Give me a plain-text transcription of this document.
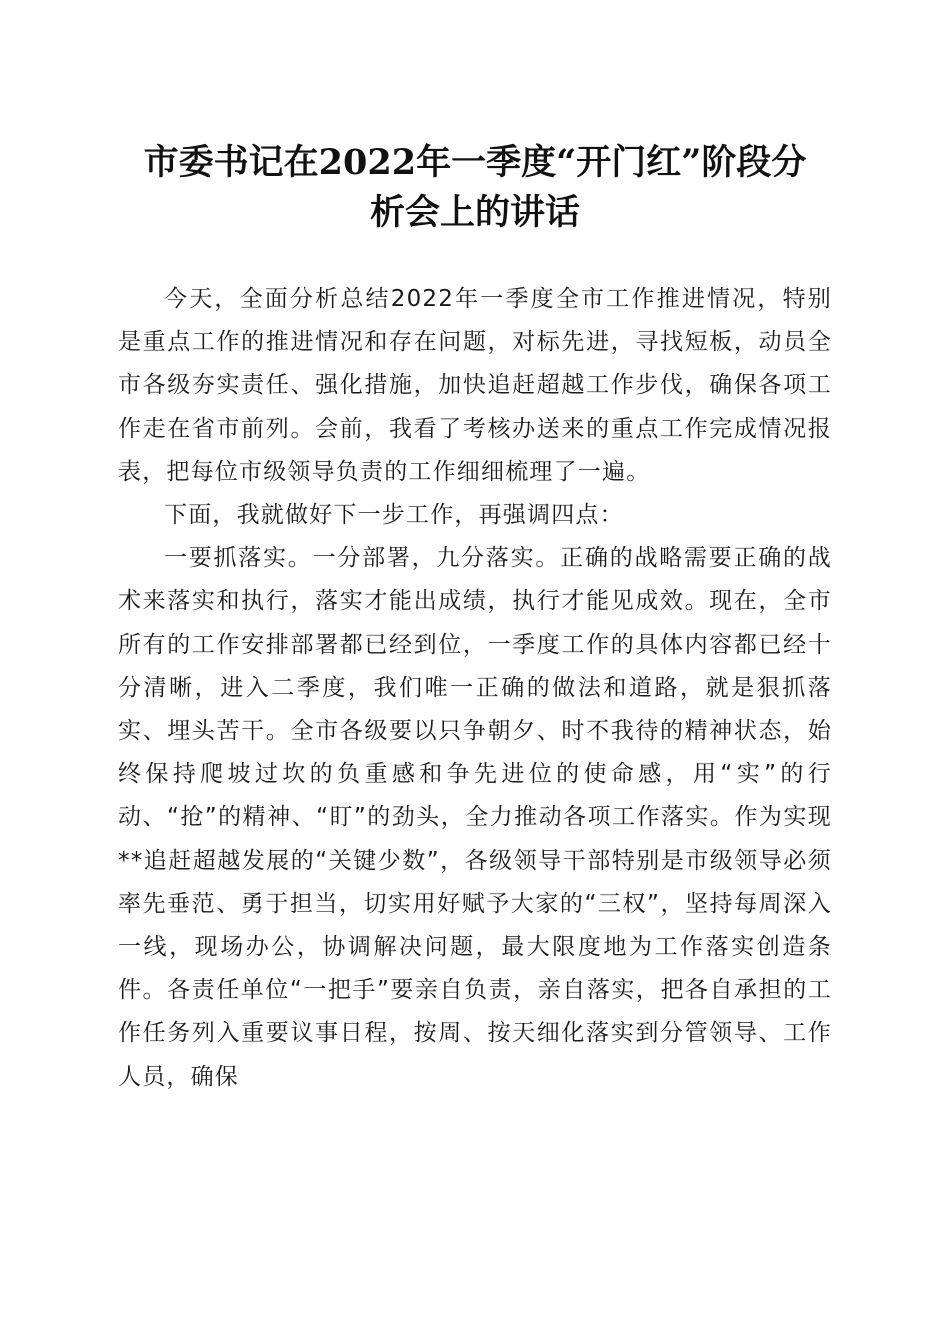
市委书记在2022年一季度“开门红”阶段分
析会上的讲话

今天，全面分析总结2022年一季度全市工作推进情况，特别是重点工作的推进情况和存在问题，对标先进，寻找短板，动员全市各级夯实责任、强化措施，加快追赶超越工作步伐，确保各项工作走在省市前列。会前，我看了考核办送来的重点工作完成情况报表，把每位市级领导负责的工作细细梳理了一遍。

下面，我就做好下一步工作，再强调四点：

一要抓落实。一分部署，九分落实。正确的战略需要正确的战术来落实和执行，落实才能出成绩，执行才能见成效。现在，全市所有的工作安排部署都已经到位，一季度工作的具体内容都已经十分清晰，进入二季度，我们唯一正确的做法和道路，就是狠抓落实、埋头苦干。全市各级要以只争朝夕、时不我待的精神状态，始终保持爬坡过坎的负重感和争先进位的使命感，用“实”的行动、“抢”的精神、“盯”的劲头，全力推动各项工作落实。作为实现**追赶超越发展的“关键少数”，各级领导干部特别是市级领导必须率先垂范、勇于担当，切实用好赋予大家的“三权”，坚持每周深入一线，现场办公，协调解决问题，最大限度地为工作落实创造条件。各责任单位“一把手”要亲自负责，亲自落实，把各自承担的工作任务列入重要议事日程，按周、按天细化落实到分管领导、工作人员，确保
